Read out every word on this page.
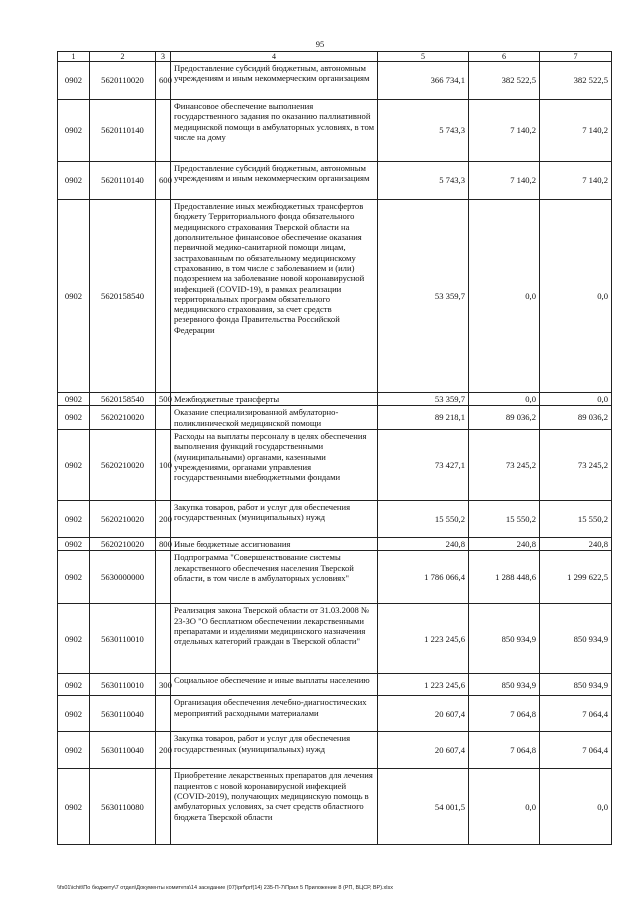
95
1	2	3	4	5	6	7
0902	5620110020	600	Предоставление субсидий бюджетным, автономным учреждениям и иным некоммерческим организациям	366 734,1	382 522,5	382 522,5
0902	5620110140		Финансовое обеспечение выполнения государственного задания по оказанию паллиативной медицинской помощи в амбулаторных условиях, в том числе на дому	5 743,3	7 140,2	7 140,2
0902	5620110140	600	Предоставление субсидий бюджетным, автономным учреждениям и иным некоммерческим организациям	5 743,3	7 140,2	7 140,2
0902	5620158540		Предоставление иных межбюджетных трансфертов бюджету Территориального фонда обязательного медицинского страхования Тверской области на дополнительное финансовое обеспечение оказания первичной медико-санитарной помощи лицам, застрахованным по обязательному медицинскому страхованию, в том числе с заболеванием и (или) подозрением на заболевание новой коронавирусной инфекцией (COVID-19), в рамках реализации территориальных программ обязательного медицинского страхования, за счет средств резервного фонда Правительства Российской Федерации	53 359,7	0,0	0,0
0902	5620158540	500	Межбюджетные трансферты	53 359,7	0,0	0,0
0902	5620210020		Оказание специализированной амбулаторно-поликлинической медицинской помощи	89 218,1	89 036,2	89 036,2
0902	5620210020	100	Расходы на выплаты персоналу в целях обеспечения выполнения функций государственными (муниципальными) органами, казенными учреждениями, органами управления государственными внебюджетными фондами	73 427,1	73 245,2	73 245,2
0902	5620210020	200	Закупка товаров, работ и услуг для обеспечения государственных (муниципальных) нужд	15 550,2	15 550,2	15 550,2
0902	5620210020	800	Иные бюджетные ассигнования	240,8	240,8	240,8
0902	5630000000		Подпрограмма "Совершенствование системы лекарственного обеспечения населения Тверской области, в том числе в амбулаторных условиях"	1 786 066,4	1 288 448,6	1 299 622,5
0902	5630110010		Реализация закона Тверской области от 31.03.2008 № 23-ЗО "О бесплатном обеспечении лекарственными препаратами и изделиями медицинского назначения отдельных категорий граждан в Тверской области"	1 223 245,6	850 934,9	850 934,9
0902	5630110010	300	Социальное обеспечение и иные выплаты населению	1 223 245,6	850 934,9	850 934,9
0902	5630110040		Организация обеспечения лечебно-диагностических мероприятий расходными материалами	20 607,4	7 064,8	7 064,4
0902	5630110040	200	Закупка товаров, работ и услуг для обеспечения государственных (муниципальных) нужд	20 607,4	7 064,8	7 064,4
0902	5630110080		Приобретение лекарственных препаратов для лечения пациентов с новой коронавирусной инфекцией (COVID-2019), получающих медицинскую помощь в амбулаторных условиях, за счет средств областного бюджета Тверской области	54 001,5	0,0	0,0
\\fs01\ichit\По бюджету\7 отдел\Документы комитета\14 заседание (07)\prf\prf(14) 235-П-7\Прил 5 Приложение 8 (РП, ВЦСР, ВР).xlsx
